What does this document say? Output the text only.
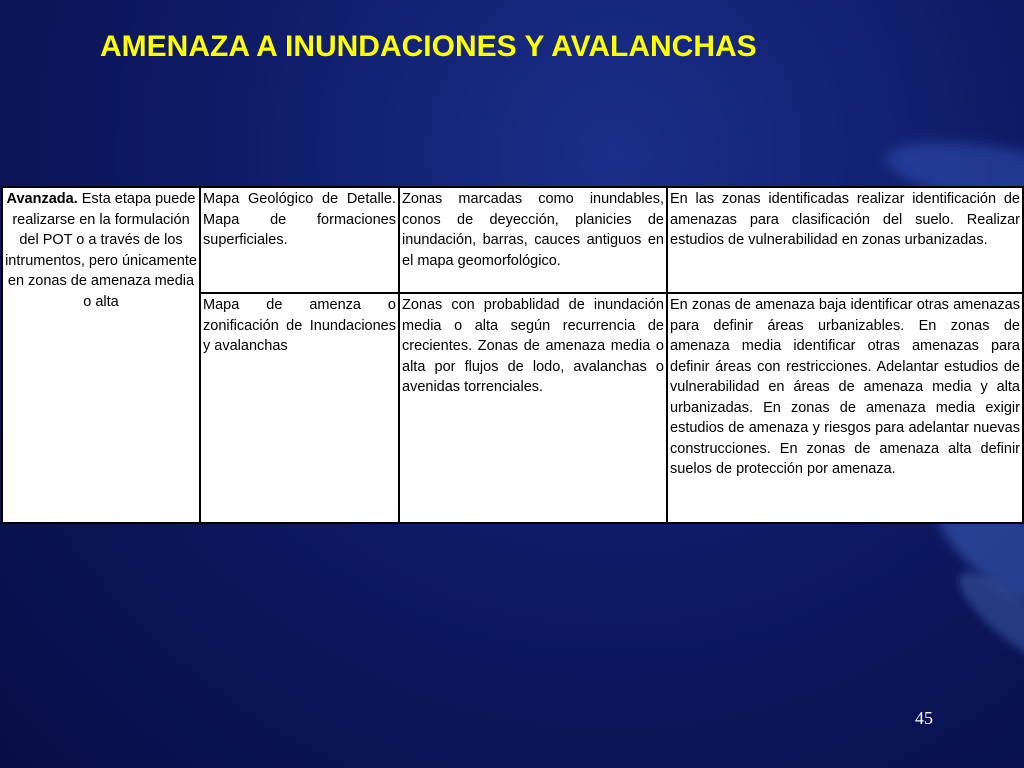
AMENAZA A INUNDACIONES Y AVALANCHAS
Avanzada. Esta etapa puede realizarse en la formulación del POT o a través de los intrumentos, pero únicamente en zonas de amenaza media o alta	Mapa Geológico de Detalle. Mapa de formaciones superficiales.	Zonas marcadas como inundables, conos de deyección, planicies de inundación, barras, cauces antiguos en el mapa geomorfológico.	En las zonas identificadas realizar identificación de amenazas para clasificación del suelo. Realizar estudios de vulnerabilidad en zonas urbanizadas.
	Mapa de amenza o zonificación de Inundaciones y avalanchas	Zonas con probablidad de inundación media o alta según recurrencia de crecientes. Zonas de amenaza media o alta por flujos de lodo, avalanchas o avenidas torrenciales.	En zonas de amenaza baja identificar otras amenazas para definir áreas urbanizables. En zonas de amenaza media identificar otras amenazas para definir áreas con restricciones. Adelantar estudios de vulnerabilidad en áreas de amenaza media y alta urbanizadas. En zonas de amenaza media exigir estudios de amenaza y riesgos para adelantar nuevas construcciones. En zonas de amenaza alta definir suelos de protección por amenaza.
45
